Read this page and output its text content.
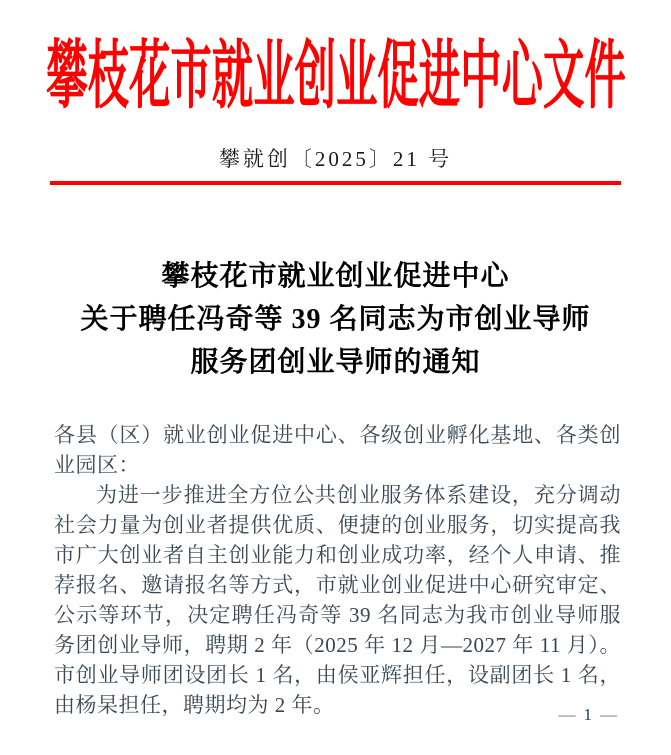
攀枝花市就业创业促进中心文件
攀就创〔2025〕21 号
攀枝花市就业创业促进中心
关于聘任冯奇等 39 名同志为市创业导师
服务团创业导师的通知

各县（区）就业创业促进中心、各级创业孵化基地、各类创业园区：

为进一步推进全方位公共创业服务体系建设，充分调动社会力量为创业者提供优质、便捷的创业服务，切实提高我市广大创业者自主创业能力和创业成功率，经个人申请、推荐报名、邀请报名等方式，市就业创业促进中心研究审定、公示等环节，决定聘任冯奇等 39 名同志为我市创业导师服务团创业导师，聘期 2 年（2025 年 12 月—2027 年 11 月）。市创业导师团设团长 1 名，由侯亚辉担任，设副团长 1 名，由杨杲担任，聘期均为 2 年。	— 1 —
